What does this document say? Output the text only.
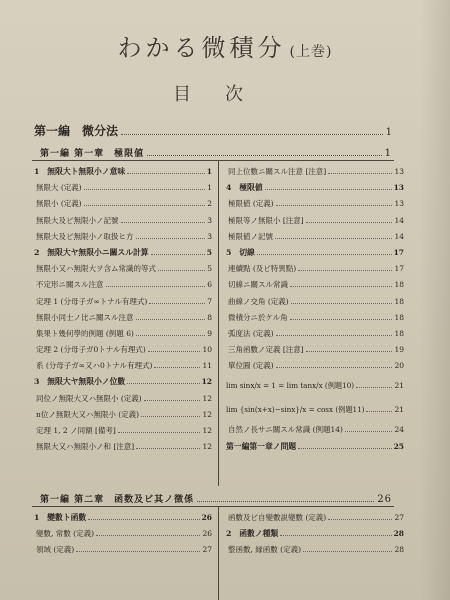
わかる微積分 (上巻)
目次
第一編　微分法	1
第一編 第一章　極限値	1
1　無限大ト無限小ノ意味	1
無限大 (定義)	1
無限小 (定義)	2
無限大及ビ無限小ノ記號	3
無限大及ビ無限小ノ取扱ヒ方	3
2　無限大ヤ無限小ニ關スル計算	5
無限小又ハ無限大ヲ含ム常識的等式	5
不定形ニ關スル注意	6
定理 1 (分母子ガ∞トナル有理式)	7
無限小同士ノ比ニ關スル注意	8
集果ト幾何學的例題 (例題 6)	9
定理 2 (分母子ガ0トナル有理式)	10
系 (分母子ガ∞又ハ0トナル有理式)	11
3　無限大ヤ無限小ノ位數	12
同位ノ無限大又ハ無限小 (定義)	12
n位ノ無限大又ハ無限小 (定義)	12
定理 1, 2 ノ同額 [備考]	12
無限大又ハ無限小ノ和 [注意]	12
同上位數ニ關スル注意 [注意]	13
4　極限値	13
極限値 (定義)	13
極限等ノ無限小 [注意]	14
極限値ノ記號	14
5　切線	17
連續點 (及ビ特異點)	17
切線ニ關スル常識	18
曲線ノ交角 (定義)	18
微積分ニ於ケル角	18
弧度法 (定義)	18
三角函數ノ定義 [注意]	19
單位圓 (定義)	20
lim sinx/x = 1 = lim tanx/x (例題10)	21
lim {sin(x+x)−sinx}/x = cosx (例題11)	21
自然ノ長サニ關スル常識 (例題14)	24
第一編第一章ノ問題	25
第一編 第二章　函数及ビ其ノ徴係	26
1　變數ト函數	26
變數, 常數 (定義)	26
領域 (定義)	27
函數及ビ自變數説變數 (定義)	27
2　函數ノ種類	28
整函數, 縁函數 (定義)	28
